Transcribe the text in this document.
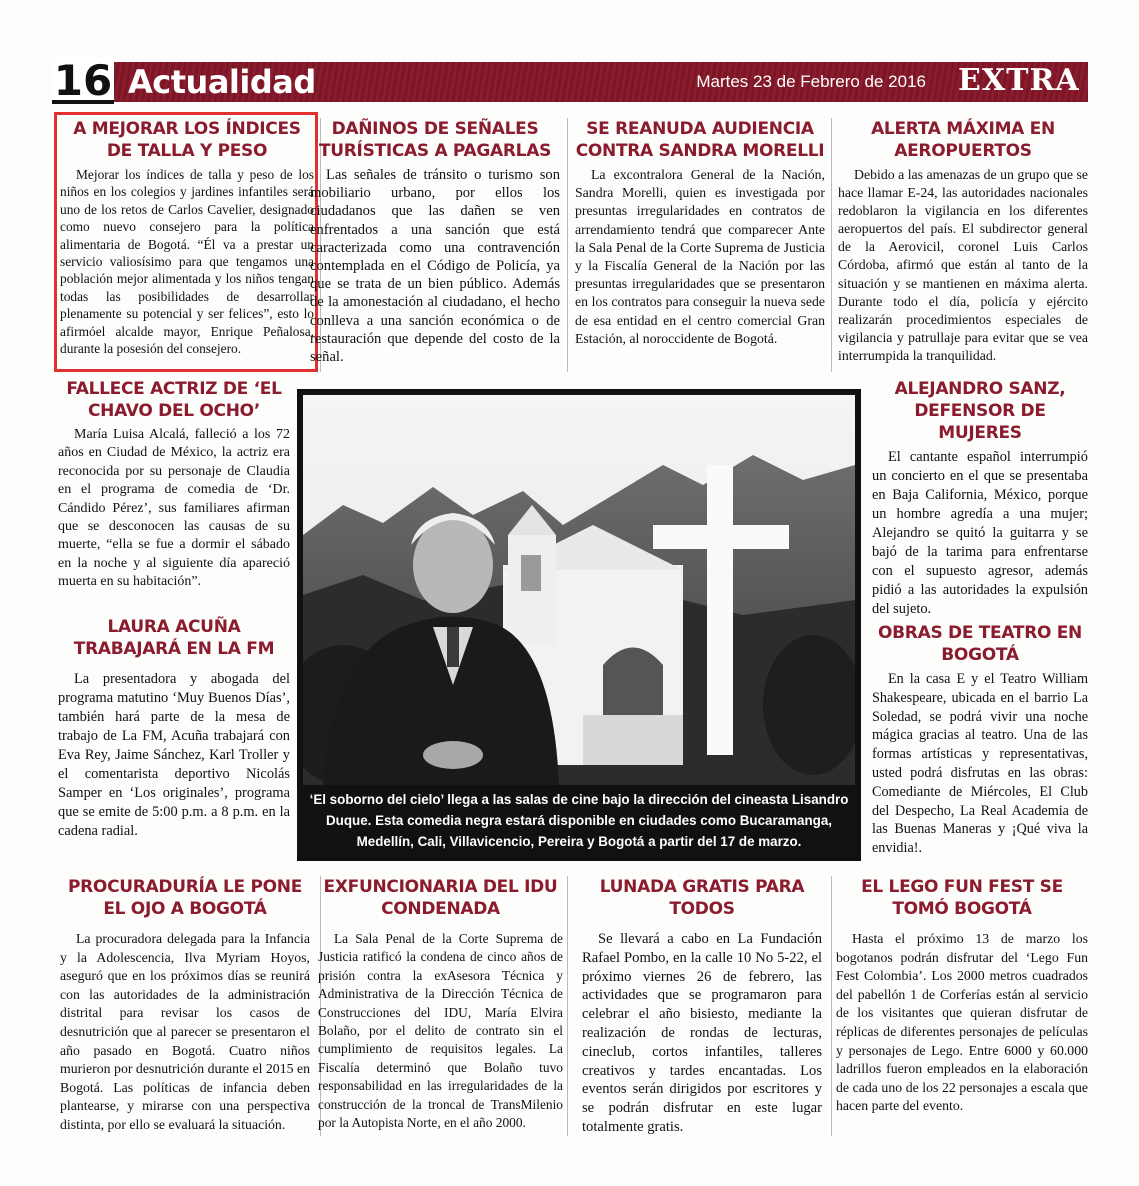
16 Actualidad	Martes 23 de Febrero de 2016 EXTRA
A MEJORAR LOS ÍNDICES DE TALLA Y PESO
Mejorar los índices de talla y peso de los niños en los colegios y jardines infantiles será uno de los retos de Carlos Cavelier, designado como nuevo consejero para la política alimentaria de Bogotá. “Él va a prestar un servicio valiosísimo para que tengamos una población mejor alimentada y los niños tengan todas las posibilidades de desarrollar plenamente su potencial y ser felices”, esto lo afirmóel alcalde mayor, Enrique Peñalosa, durante la posesión del consejero.
DAÑINOS DE SEÑALES TURÍSTICAS A PAGARLAS
Las señales de tránsito o turismo son mobiliario urbano, por ellos los ciudadanos que las dañen se ven enfrentados a una sanción que está caracterizada como una contravención contemplada en el Código de Policía, ya que se trata de un bien público. Además de la amonestación al ciudadano, el hecho conlleva a una sanción económica o de restauración que depende del costo de la señal.
SE REANUDA AUDIENCIA CONTRA SANDRA MORELLI
La excontralora General de la Nación, Sandra Morelli, quien es investigada por presuntas irregularidades en contratos de arrendamiento tendrá que comparecer Ante la Sala Penal de la Corte Suprema de Justicia y la Fiscalía General de la Nación por las presuntas irregularidades que se presentaron en los contratos para conseguir la nueva sede de esa entidad en el centro comercial Gran Estación, al noroccidente de Bogotá.
ALERTA MÁXIMA EN AEROPUERTOS
Debido a las amenazas de un grupo que se hace llamar E-24, las autoridades nacionales redoblaron la vigilancia en los diferentes aeropuertos del país. El subdirector general de la Aerovicil, coronel Luis Carlos Córdoba, afirmó que están al tanto de la situación y se mantienen en máxima alerta. Durante todo el día, policía y ejército realizarán procedimientos especiales de vigilancia y patrullaje para evitar que se vea interrumpida la tranquilidad.
FALLECE ACTRIZ DE ‘EL CHAVO DEL OCHO’
María Luisa Alcalá, falleció a los 72 años en Ciudad de México, la actriz era reconocida por su personaje de Claudia en el programa de comedia de ‘Dr. Cándido Pérez’, sus familiares afirman que se desconocen las causas de su muerte, “ella se fue a dormir el sábado en la noche y al siguiente día apareció muerta en su habitación”.
LAURA ACUÑA TRABAJARÁ EN LA FM
La presentadora y abogada del programa matutino ‘Muy Buenos Días’, también hará parte de la mesa de trabajo de La FM, Acuña trabajará con Eva Rey, Jaime Sánchez, Karl Troller y el comentarista deportivo Nicolás Samper en ‘Los originales’, programa que se emite de 5:00 p.m. a 8 p.m. en la cadena radial.
ALEJANDRO SANZ, DEFENSOR DE MUJERES
El cantante español interrumpió un concierto en el que se presentaba en Baja California, México, porque un hombre agredía a una mujer; Alejandro se quitó la guitarra y se bajó de la tarima para enfrentarse con el supuesto agresor, además pidió a las autoridades la expulsión del sujeto.
OBRAS DE TEATRO EN BOGOTÁ
En la casa E y el Teatro William Shakespeare, ubicada en el barrio La Soledad, se podrá vivir una noche mágica gracias al teatro. Una de las formas artísticas y representativas, usted podrá disfrutas en las obras: Comediante de Miércoles, El Club del Despecho, La Real Academia de las Buenas Maneras y ¡Qué viva la envidia!.
‘El soborno del cielo’ llega a las salas de cine bajo la dirección del cineasta Lisandro Duque. Esta comedia negra estará disponible en ciudades como Bucaramanga, Medellín, Cali, Villavicencio, Pereira y Bogotá a partir del 17 de marzo.
PROCURADURÍA LE PONE EL OJO A BOGOTÁ
La procuradora delegada para la Infancia y la Adolescencia, Ilva Myriam Hoyos, aseguró que en los próximos días se reunirá con las autoridades de la administración distrital para revisar los casos de desnutrición que al parecer se presentaron el año pasado en Bogotá. Cuatro niños murieron por desnutrición durante el 2015 en Bogotá. Las políticas de infancia deben plantearse, y mirarse con una perspectiva distinta, por ello se evaluará la situación.
EXFUNCIONARIA DEL IDU CONDENADA
La Sala Penal de la Corte Suprema de Justicia ratificó la condena de cinco años de prisión contra la exAsesora Técnica y Administrativa de la Dirección Técnica de Construcciones del IDU, María Elvira Bolaño, por el delito de contrato sin el cumplimiento de requisitos legales. La Fiscalía determinó que Bolaño tuvo responsabilidad en las irregularidades de la construcción de la troncal de TransMilenio por la Autopista Norte, en el año 2000.
LUNADA GRATIS PARA TODOS
Se llevará a cabo en La Fundación Rafael Pombo, en la calle 10 No 5-22, el próximo viernes 26 de febrero, las actividades que se programaron para celebrar el año bisiesto, mediante la realización de rondas de lecturas, cineclub, cortos infantiles, talleres creativos y tardes encantadas. Los eventos serán dirigidos por escritores y se podrán disfrutar en este lugar totalmente gratis.
EL LEGO FUN FEST SE TOMÓ BOGOTÁ
Hasta el próximo 13 de marzo los bogotanos podrán disfrutar del ‘Lego Fun Fest Colombia’. Los 2000 metros cuadrados del pabellón 1 de Corferías están al servicio de los visitantes que quieran disfrutar de réplicas de diferentes personajes de películas y personajes de Lego. Entre 6000 y 60.000 ladrillos fueron empleados en la elaboración de cada uno de los 22 personajes a escala que hacen parte del evento.
